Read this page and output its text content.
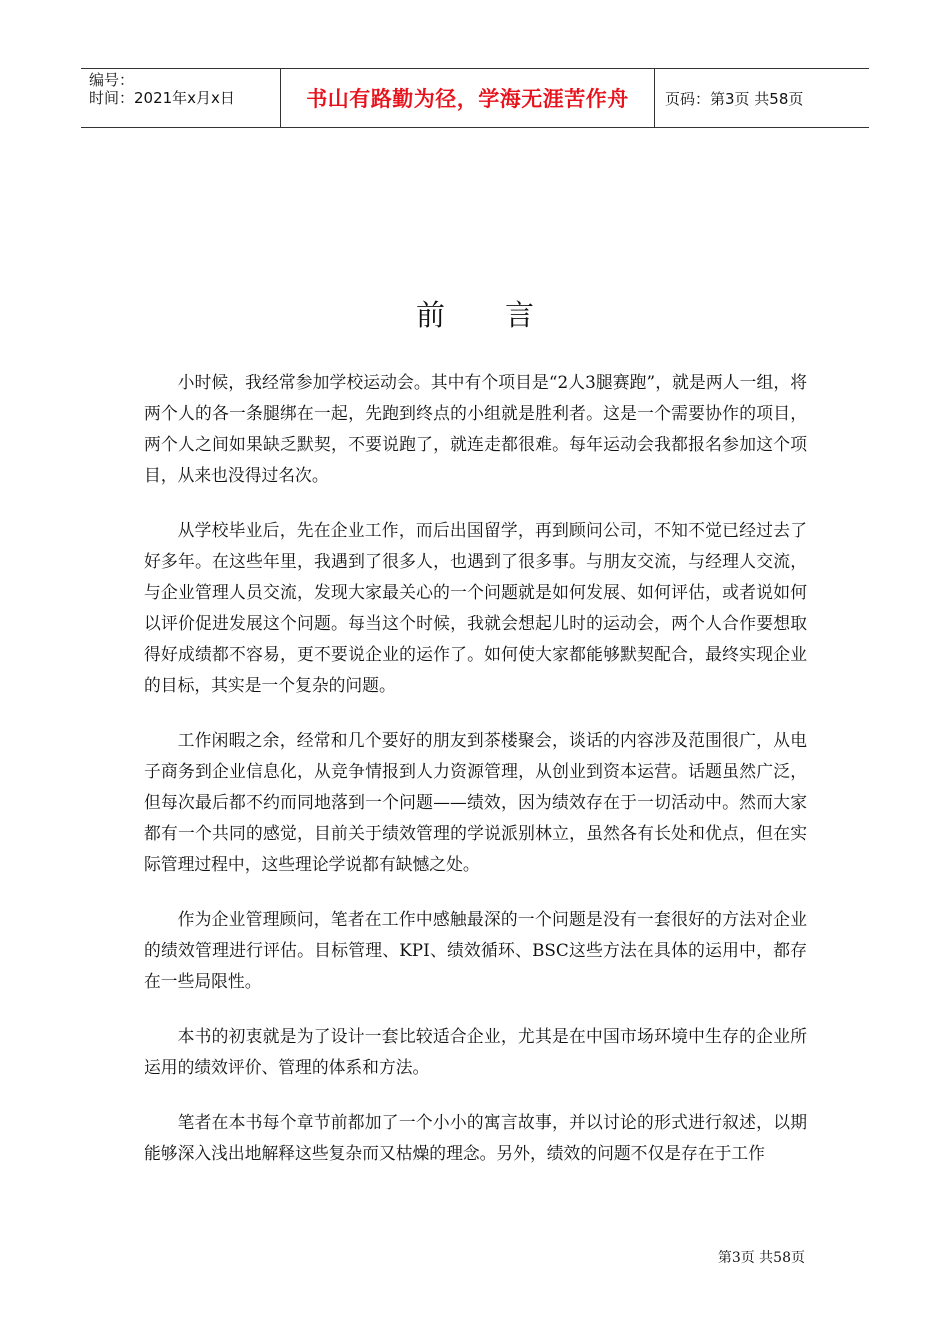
编号：
时间：2021年x月x日	书山有路勤为径，学海无涯苦作舟	页码：第3页 共58页
前言

小时候，我经常参加学校运动会。其中有个项目是“2人3腿赛跑”，就是两人一组，将两个人的各一条腿绑在一起，先跑到终点的小组就是胜利者。这是一个需要协作的项目，两个人之间如果缺乏默契，不要说跑了，就连走都很难。每年运动会我都报名参加这个项目，从来也没得过名次。

从学校毕业后，先在企业工作，而后出国留学，再到顾问公司，不知不觉已经过去了好多年。在这些年里，我遇到了很多人，也遇到了很多事。与朋友交流，与经理人交流，与企业管理人员交流，发现大家最关心的一个问题就是如何发展、如何评估，或者说如何以评价促进发展这个问题。每当这个时候，我就会想起儿时的运动会，两个人合作要想取得好成绩都不容易，更不要说企业的运作了。如何使大家都能够默契配合，最终实现企业的目标，其实是一个复杂的问题。

工作闲暇之余，经常和几个要好的朋友到茶楼聚会，谈话的内容涉及范围很广，从电子商务到企业信息化，从竞争情报到人力资源管理，从创业到资本运营。话题虽然广泛，但每次最后都不约而同地落到一个问题——绩效，因为绩效存在于一切活动中。然而大家都有一个共同的感觉，目前关于绩效管理的学说派别林立，虽然各有长处和优点，但在实际管理过程中，这些理论学说都有缺憾之处。

作为企业管理顾问，笔者在工作中感触最深的一个问题是没有一套很好的方法对企业的绩效管理进行评估。目标管理、KPI、绩效循环、BSC这些方法在具体的运用中，都存在一些局限性。

本书的初衷就是为了设计一套比较适合企业，尤其是在中国市场环境中生存的企业所运用的绩效评价、管理的体系和方法。

笔者在本书每个章节前都加了一个小小的寓言故事，并以讨论的形式进行叙述，以期能够深入浅出地解释这些复杂而又枯燥的理念。另外，绩效的问题不仅是存在于工作

第3页 共58页
